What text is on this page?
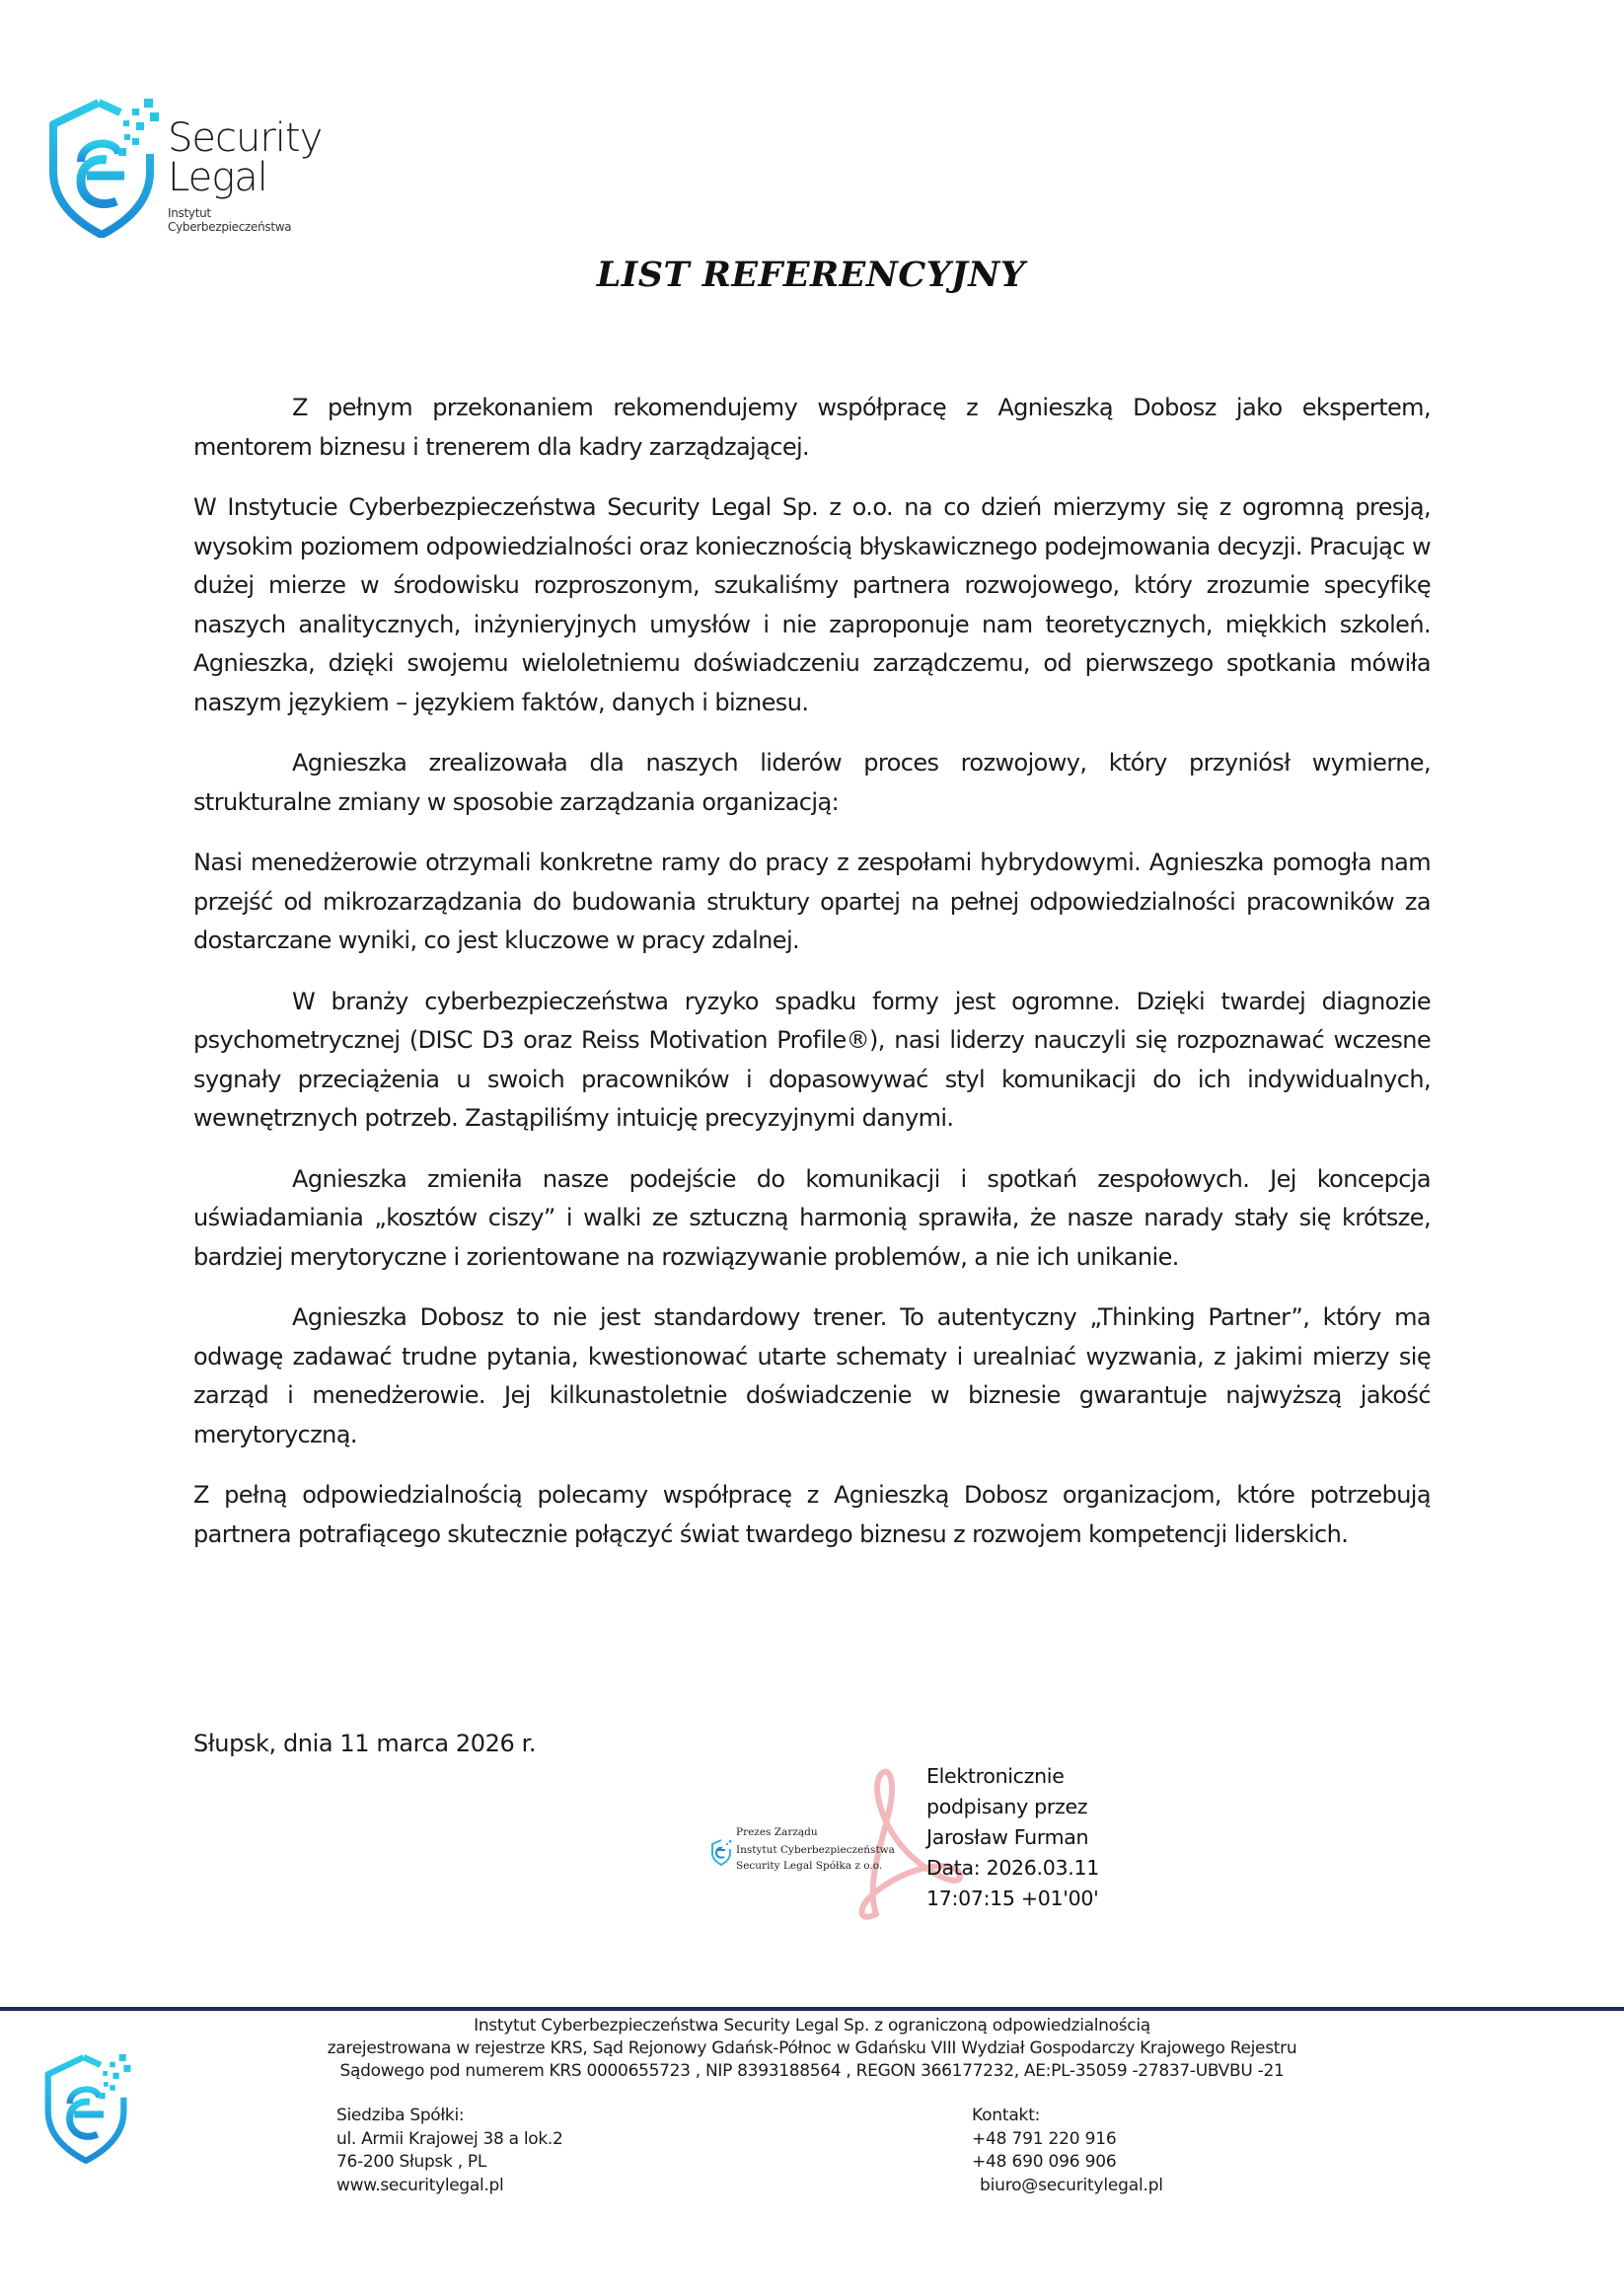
Security
Legal
Instytut Cyberbezpieczeństwa
LIST REFERENCYJNY

Z pełnym przekonaniem rekomendujemy współpracę z Agnieszką Dobosz jako ekspertem, mentorem biznesu i trenerem dla kadry zarządzającej.

W Instytucie Cyberbezpieczeństwa Security Legal Sp. z o.o. na co dzień mierzymy się z ogromną presją, wysokim poziomem odpowiedzialności oraz koniecznością błyskawicznego podejmowania decyzji. Pracując w dużej mierze w środowisku rozproszonym, szukaliśmy partnera rozwojowego, który zrozumie specyfikę naszych analitycznych, inżynieryjnych umysłów i nie zaproponuje nam teoretycznych, miękkich szkoleń. Agnieszka, dzięki swojemu wieloletniemu doświadczeniu zarządczemu, od pierwszego spotkania mówiła naszym językiem – językiem faktów, danych i biznesu.

Agnieszka zrealizowała dla naszych liderów proces rozwojowy, który przyniósł wymierne, strukturalne zmiany w sposobie zarządzania organizacją:

Nasi menedżerowie otrzymali konkretne ramy do pracy z zespołami hybrydowymi. Agnieszka pomogła nam przejść od mikrozarządzania do budowania struktury opartej na pełnej odpowiedzialności pracowników za dostarczane wyniki, co jest kluczowe w pracy zdalnej.

W branży cyberbezpieczeństwa ryzyko spadku formy jest ogromne. Dzięki twardej diagnozie psychometrycznej (DISC D3 oraz Reiss Motivation Profile®), nasi liderzy nauczyli się rozpoznawać wczesne sygnały przeciążenia u swoich pracowników i dopasowywać styl komunikacji do ich indywidualnych, wewnętrznych potrzeb. Zastąpiliśmy intuicję precyzyjnymi danymi.

Agnieszka zmieniła nasze podejście do komunikacji i spotkań zespołowych. Jej koncepcja uświadamiania „kosztów ciszy” i walki ze sztuczną harmonią sprawiła, że nasze narady stały się krótsze, bardziej merytoryczne i zorientowane na rozwiązywanie problemów, a nie ich unikanie.

Agnieszka Dobosz to nie jest standardowy trener. To autentyczny „Thinking Partner”, który ma odwagę zadawać trudne pytania, kwestionować utarte schematy i urealniać wyzwania, z jakimi mierzy się zarząd i menedżerowie. Jej kilkunastoletnie doświadczenie w biznesie gwarantuje najwyższą jakość merytoryczną.

Z pełną odpowiedzialnością polecamy współpracę z Agnieszką Dobosz organizacjom, które potrzebują partnera potrafiącego skutecznie połączyć świat twardego biznesu z rozwojem kompetencji liderskich.

Słupsk, dnia 11 marca 2026 r.
Prezes Zarządu
Instytut Cyberbezpieczeństwa
Security Legal Spółka z o.o.
Elektronicznie
podpisany przez
Jarosław Furman
Data: 2026.03.11
17:07:15 +01'00'
Instytut Cyberbezpieczeństwa Security Legal Sp. z ograniczoną odpowiedzialnością
zarejestrowana w rejestrze KRS, Sąd Rejonowy Gdańsk-Północ w Gdańsku VIII Wydział Gospodarczy Krajowego Rejestru
Sądowego pod numerem KRS 0000655723 , NIP 8393188564 , REGON 366177232, AE:PL-35059 -27837-UBVBU -21
Siedziba Spółki:
ul. Armii Krajowej 38 a lok.2
76-200 Słupsk , PL
www.securitylegal.pl
Kontakt:
+48 791 220 916
+48 690 096 906
biuro@securitylegal.pl
